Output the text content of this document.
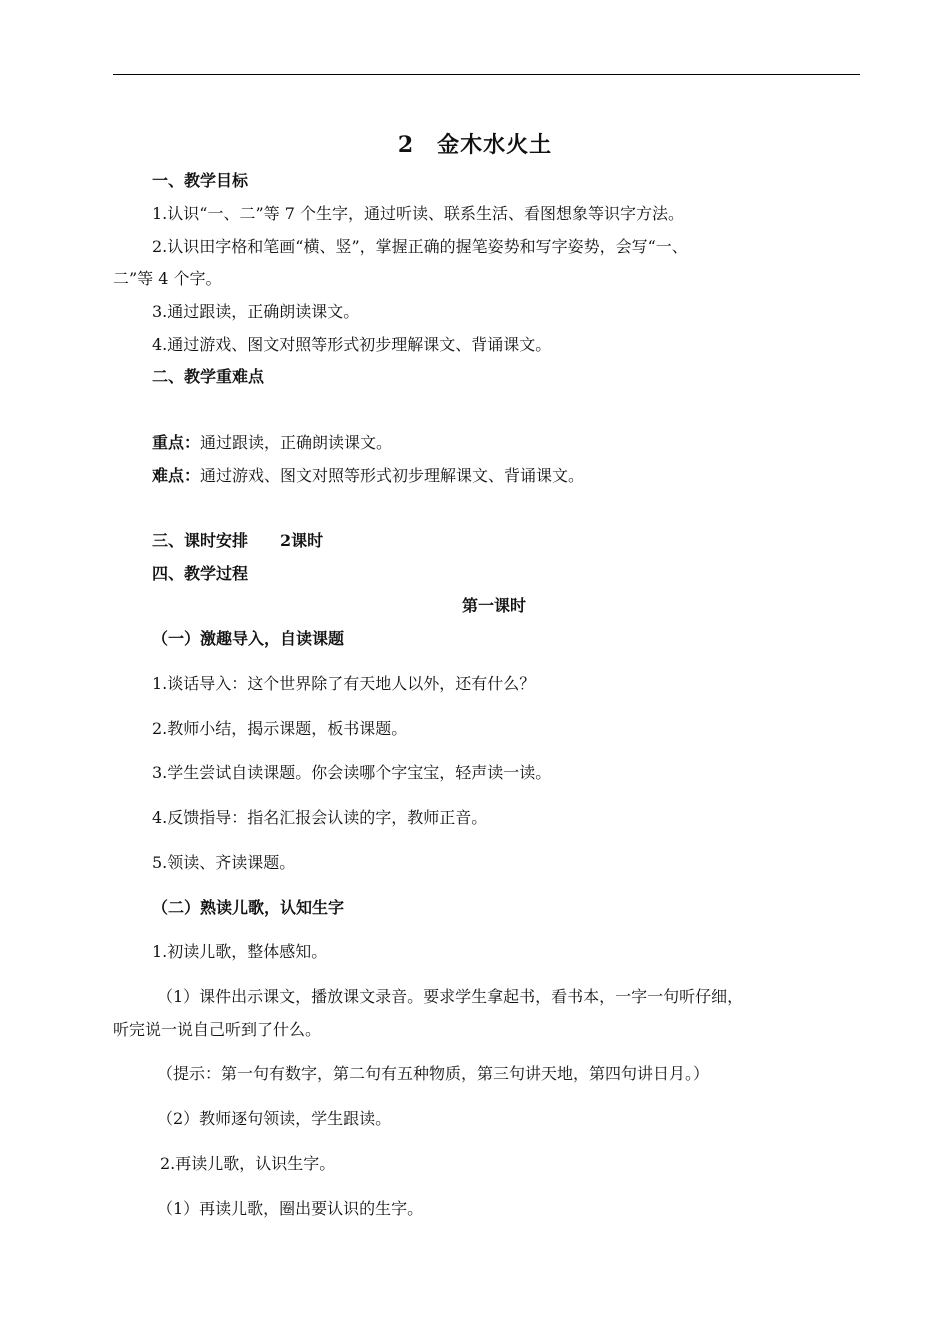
2　金木水火土
一、教学目标
1.认识“一、二”等 7 个生字，通过听读、联系生活、看图想象等识字方法。
2.认识田字格和笔画“横、竖”，掌握正确的握笔姿势和写字姿势，会写“一、
二”等 4 个字。
3.通过跟读，正确朗读课文。
4.通过游戏、图文对照等形式初步理解课文、背诵课文。
二、教学重难点
重点：通过跟读，正确朗读课文。
难点：通过游戏、图文对照等形式初步理解课文、背诵课文。
三、课时安排　　2课时
四、教学过程
第一课时
（一）激趣导入，自读课题
1.谈话导入：这个世界除了有天地人以外，还有什么？
2.教师小结，揭示课题，板书课题。
3.学生尝试自读课题。你会读哪个字宝宝，轻声读一读。
4.反馈指导：指名汇报会认读的字，教师正音。
5.领读、齐读课题。
（二）熟读儿歌，认知生字
1.初读儿歌，整体感知。
（1）课件出示课文，播放课文录音。要求学生拿起书，看书本，一字一句听仔细，
听完说一说自己听到了什么。
（提示：第一句有数字，第二句有五种物质，第三句讲天地，第四句讲日月。）
（2）教师逐句领读，学生跟读。
2.再读儿歌，认识生字。
（1）再读儿歌，圈出要认识的生字。
